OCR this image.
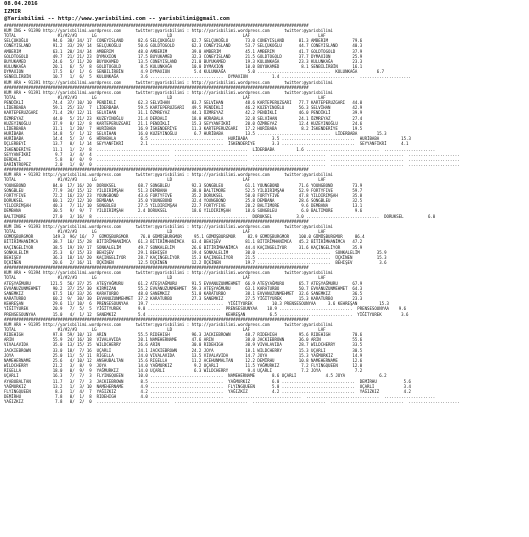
08.04.2016
IZMIR
@Yarisbilimi -- http://www.yarisbilimi.com -- yarisbilimi@gmail.com
#############################################################################################################################
KUM ING • 91390 http://yarisbilimi.wordpress.com      twitter:@yarisbilimi : http://yarisbilimi.wordpress.com      twitter:@yarisbilimi
TOTAL                 #1/#2/#3      LG                             LD                             LAF                            LAF
SELÇUKOĞLU          94.6  38/ 34/ 17  CONEYISLAND      82.6 SELÇUKOĞLU       62.7 SELÇUKOĞLU       73.0 CONEYISLAND      81.3 AMBERIM          79.6
CONEYISLAND         91.2  33/ 29/ 14  SELÇUKOĞLU       50.6 GOLDTOGOLD       62.3 CONEYISLAND      53.7 SELÇUKOĞLU       44.7 CONEYISLAND      40.3
AMBERIM             63.1  20/ 24/ 34  AMBERIM          48.0 AMBERIM          39.0 AMBERIM          45.1 AMBERIM          41.7 GOLDTOGOLD       37.9
GOLDTOGOLD          49.7  21/ 21/ 23  DYMAXION         17.5 BUYUKAMED        32.3 CONEYISLAND      21.5 GOLDTOGOLD       37.7 DYMAXION         25.9
BUYUKAMED           24.6   5/ 11/ 20  BUYUKAMED        13.5 CONEYISLAND      21.0 BUYUKAMED        19.3 KULUNKAĞA        23.3 KULUNKAĞA        23.3
KULUNKAĞA           20.1   6/  5/  8  GOLDTOGOLD        8.5 KULUNKAĞA        10.0 DYMAXION         10.0 BUYUKAMED         8.1 SENBILİRBİN      16.1
DYMAXION            17.5   6/  1/  6  SENBILİRBİN       4.9 DYMAXION          5.4 KULUNKAĞA         5.0 ..............................  KULUNKAĞA        6.7
SENBILİRBİN         10.7   1/  6/  5  KULUNKAĞA         3.6 ..............................  DYMAXION          1.4 ..............................  .....................
KUM ARA • 91391 http://yarisbilimi.wordpress.com      twitter:@yarisbilimi : http://yarisbilimi.wordpress.com      twitter:@yarisbilimi

#############################################################################################################################
KUM ARA • 91391 http://yarisbilimi.wordpress.com      twitter:@yarisbilimi : http://yarisbilimi.wordpress.com      twitter:@yarisbilimi
TOTAL                 #1/#2/#3      LG                             LD                             LAF                            LAF
PENDİKLİ            74.4  37/ 10/ 10  PENDİKLİ         62.3 SELVİHAN         83.7 SELVİHAN         48.6 KARTEPERUZGARI   77.7 KARTEPERUZGARI   44.0
LİDERBABA           59.1  25/ 33/  7  LİDERBABA        59.5 KARTEPERUZGARI   49.5 PENDİKLİ         46.2 KUZEYINOĞLU      56.3 SELVİHAN         42.9
KARTEPERUZGARI      71.4  29/ 12/ 11  SELVİHAN         31.1 ÖZMREYAZ         44.1 ÖZMREYAZ         42.2 PENDİKLİ         46.0 PENDİKLİ         39.9
ÖZMREYAZ            44.0   5/ 21/ 23  KUZEYINOĞLU      21.4 DERDALİ          18.0 HÜRABALA         32.8 SELVİHAN         24.1 ÖZMREYAZ         27.4
KUZEYINOĞLU         37.9   8/ 12/  8  KARTEPERUZGARI   21.1 PENDİKLİ         15.3 SEYYANFİKRİ      20.0 ÖZMREYAZ         12.4 KUZEYINOĞLU      24.6
LİDERBABA           31.1   1/ 20/  7  HURİBABA         16.9 İSKENDERİYE      11.3 KARTEPERUZGARI   17.2 HURİBABA          8.2 İSKENDERİYE      19.5
HURİBABA            14.8   5/  1/ 12  SELVİHAN         16.0 KUZEYINOĞLU       6.7 HURİBABA         13.5 ..............................  LİDERBABA        15.3
HURİBABA            14.4   5/  3/  6  HÜRABALA          6.5 ..............................  HURİBABA          3.5 ..............................  HURİBABA         15.3
ÜÇLERBEYİ           13.7   0/  1/ 14  SEYYANFİKRİ       2.1 ..............................  İSKENDERİYE       3.3 ..............................  SEYYANFİKRİ      4.1
İSKENDERİYE         11.1   1/  2/  8  ..............................  ..............................  LİDERBABA         1.6 ..............................  .....................
SEYYANFİKRİ          9.7   3/  4/  4  ..............................  ..............................  ..............................  ..............................  .....................
DERDALİ              5.8   0/  0/  9  ..............................  ..............................  ..............................  ..............................  .....................
DARİNTROPEZ          2.0   1/  0/  0  ..............................  ..............................  ..............................  ..............................  .....................

#############################################################################################################################
KUM ARA • 91392 http://yarisbilimi.wordpress.com      twitter:@yarisbilimi : http://yarisbilimi.wordpress.com      twitter:@yarisbilimi
TOTAL                 #1/#2/#3      LG                             LD                             LAF                            LAF
YOUNGBOND           84.0  17/ 16/ 20  DORUKSEL         68.7 SONGBLEU         92.3 SONGBLEU         61.1 YOUNGBOND        71.6 YOUNGBOND        73.9
SONGBLEU            77.9  34/ 15/ 12  YILDIRIMŞAH      51.3 DEMBANA          38.0 BALTIMORE        52.5 YILDIRIMŞAH      52.9 FORTYFIVE        59.7
FORTYFIVE           72.2  16/ 23/ 23  YOUNGBOND        43.6 FORTYFIVE        35.2 DORUKSEL         50.0 FORTYFIVE        47.8 YILDIRIMŞAH      35.8
DORUKSEL            60.1  22/ 12/ 10  DEMBANA          35.0 YOUNGBOND        32.4 YOUNGBOND        25.8 DEMBANA          28.6 SONGBLEU         32.5
YILDIRIMŞAH         40.3   7/ 11/ 10  SONGBLEU         27.5 YILDIRIMŞAH      22.7 FORTYFIVE        20.2 BALTIMORE         9.6 DEMBANA          13.1
DEMBANA             30.5   9/  9/  7  YILDIRIMŞAH      2.4 DORUKSEL          18.6 YILDIRIMŞAH      18.6 SONGBLEU          6.0 BALTIMORE         9.6
BALTIMORE           27.0   3/ 16/  8  ..............................  ..............................  DORUKSEL          3.0 ..............................  DORUKSEL          6.0

#############################################################################################################################
KUM ING • 91393 http://yarisbilimi.wordpress.com      twitter:@yarisbilimi : http://yarisbilimi.wordpress.com      twitter:@yarisbilimi
TOTAL                 #1/#2/#3      LG                             LD                             LAF                            LAF
GÜMÜŞBURGMOR        149.3  96/ 16/  7  GÜMÜŞBURGMOR     76.0 GÜMÜŞBURGMOR     95.1 GÜMÜŞBURGMOR     82.9 GÜMÜŞBURGMOR    100.0 GÜMÜŞBURGMOR     86.4
BİTİRİMHANİMCA      38.7  16/ 15/ 28  BİTİRİMHANİMCA   61.3 BİTİRİMHANİMCA   63.4 BEHIŞEV          81.1 BİTİRİMHANİMCA   45.2 BİTİRİMHANİMCA   47.2
KAÇINGELİYOR        38.5  19/ 19/ 17  SONKALELİM       49.7 SONKALELİM       26.6 BİTİRİMHANİMCA   44.4 KAÇINGELİYOR     31.6 KAÇINGELİYOR     35.9
SONKALELİM          35.3   6/ 15/ 33  BEHIŞEV          29.1 BEHIŞEV          19.4 SONKALELİM       30.0 ..............................  SONKALELİM       35.9
BEHIŞEV             36.3  18/ 14/ 20  KAÇINGELİYOR     28.7 KAÇINGELİYOR     15.3 KAÇINGELİYOR     21.5 ..............................  ÜÇKİNEN          15.3
ÜÇKİNEN             20.6   2/ 16/ 11  ÜÇKİNEN          12.5 ÜÇKİNEN          12.2 ÜÇKİNEN          19.7 ..............................  BEHIŞEV           3.6

#############################################################################################################################
KUM ARA • 91394 http://yarisbilimi.wordpress.com      twitter:@yarisbilimi : http://yarisbilimi.wordpress.com      twitter:@yarisbilimi
TOTAL                 #1/#2/#3      LG                             LD                             LAF                            LAF
ATEŞYAĞMURU        121.5  56/ 37/ 25  ATEŞYAĞMURU      61.2 ATEŞYAĞMURU      91.5 EVVANUZUNMEHMET  66.9 ATEŞYAĞMURU      65.7 ATEŞYAĞMURU      67.9
EVVANUZUNMEHMET     90.2  37/ 25/ 30  KIRMIZAN         55.2 EVVANUZUNMEHMET  59.3 ATEŞYAĞMURU      63.1 KARATURBO        50.7 EVVANUZUNMEHMET  64.3
SANEMKIZ            67.5  16/ 33/ 26  KARATURBO        48.0 SANEMKIZ         51.0 KARATURBO        38.1 EVVANUZUNMEHMET  32.6 SANEMKIZ         36.5
KARATURBO           60.2  9/  30/ 30  EVVANUZUNMEHMET  37.2 KARATURBO        27.3 SANEMKIZ         27.5 YİĞİTYUREK       15.3 KARATURBO        23.3
KEHREŞAN            29.6  11/ 10/  6  PRENSESOUNYAA    19.7 ..............................  YİĞİTYUREK        10.3 PRENSESOUNYAA     3.6 KEHREŞAN         15.3
YİĞİTYUREK          20.9   7/  5/  5  YİĞİTYUREK       9.8 ..............................  PRENSESOUNYAA    18.9 ..............................  PRENSESOUNYAA    9.6
PRENSESOUNYAA       15.0   4/  1/ 12  SANEMKIZ         5.4 ..............................  KEHREŞAN          6.5 ..............................  YİĞİTYUREK        3.6

#############################################################################################################################
KUM ARA • 91395 http://yarisbilimi.wordpress.com      twitter:@yarisbilimi : http://yarisbilimi.wordpress.com      twitter:@yarisbilimi
TOTAL                 #1/#2/#3      LG                             LD                             LAF                            LAF
RIDEHIGH            97.8  59/ 10/ 13  ARIN             55.5 RIDEHIGH         96.3 JACKIEBROWN      48.7 RIDEHIGH         95.6 RIDEHIGH         70.6
ARIN                55.9  24/ 16/ 18  VIVALAVIDA       20.1 NAMEHERNAME      47.6 ARIN             38.0 JACKIEBROWN      36.0 ARIN             55.6
VIVALAVIDA          35.0  13/ 15/ 15  WILDCHERRY       26.6 ARIN             30.0 RIDEHIGH         30.9 VIVALAVIDA       28.7 WILDCHERRY       33.5
JACKIEBROWN         33.0  18/  7/ 16  UÇARLI           24.1 JACKIEBROWN      24.2 JOYA             18.1 WILDCHERRY       15.3 UÇARLI           30.5
JOYA                25.0  11/  5/ 11  RIGELLA          24.0 VIVALAVIDA       13.5 VIVALAVIDA       14.7 JOYA             15.3 YAĞMURKIZ        14.9
NAMEHERNAME         25.6   4/ 10/ 12  ANSHUBALTAN      15.6 RIGELLA          11.2 ACEHUNMALTAN     12.2 DEMİRHU          10.8 NAMEHERNAME      12.6
WILDCHERRY          21.2   3/  8/  9  JOYA             14.0 YAĞMURKIZ         9.2 UÇARLI           11.5 YAĞMURKIZ         7.2 FLYINGQUEEN      12.0
RIGELLA             18.0   0/  9/  9  YAĞMURKIZ        14.0 UÇARLI            6.3 WILDCHERRY        9.4 UÇARLI            7.2 JOYA              7.2
UÇARLI              16.3   7/  7/  3  FLYINGQUEEN      10.0 ..............................  NAMEHERNAME       8.6 UÇARLI            4.5 JOYA              6.2
AYABUBALTAN         11.7   3/  7/  3  JACKIEBROWN       8.5 ..............................  YAĞMURKIZ         6.0 ..............................  DEMİRHU           5.6
YAĞMURKIZ           13.2   1/  3/ 10  NAMEHERNAME       4.9 ..............................  FLYINGQUEEN       5.0 ..............................  UÇARLI            3.4
FLYINGQUEEN          8.3   1/  4/  7  YAĞIZKIZ          4.2 ..............................  YAĞIZKIZ          4.2 ..............................  YAĞIZKIZ          4.2
DEMİRHU              7.8   0/  1/  8  RIDEHIGH          4.0 ..............................  ..............................  ..............................  .....................
YAĞIZKIZ             7.8   0/  2/  0  ..............................  ..............................  ..............................  ..............................  .....................
